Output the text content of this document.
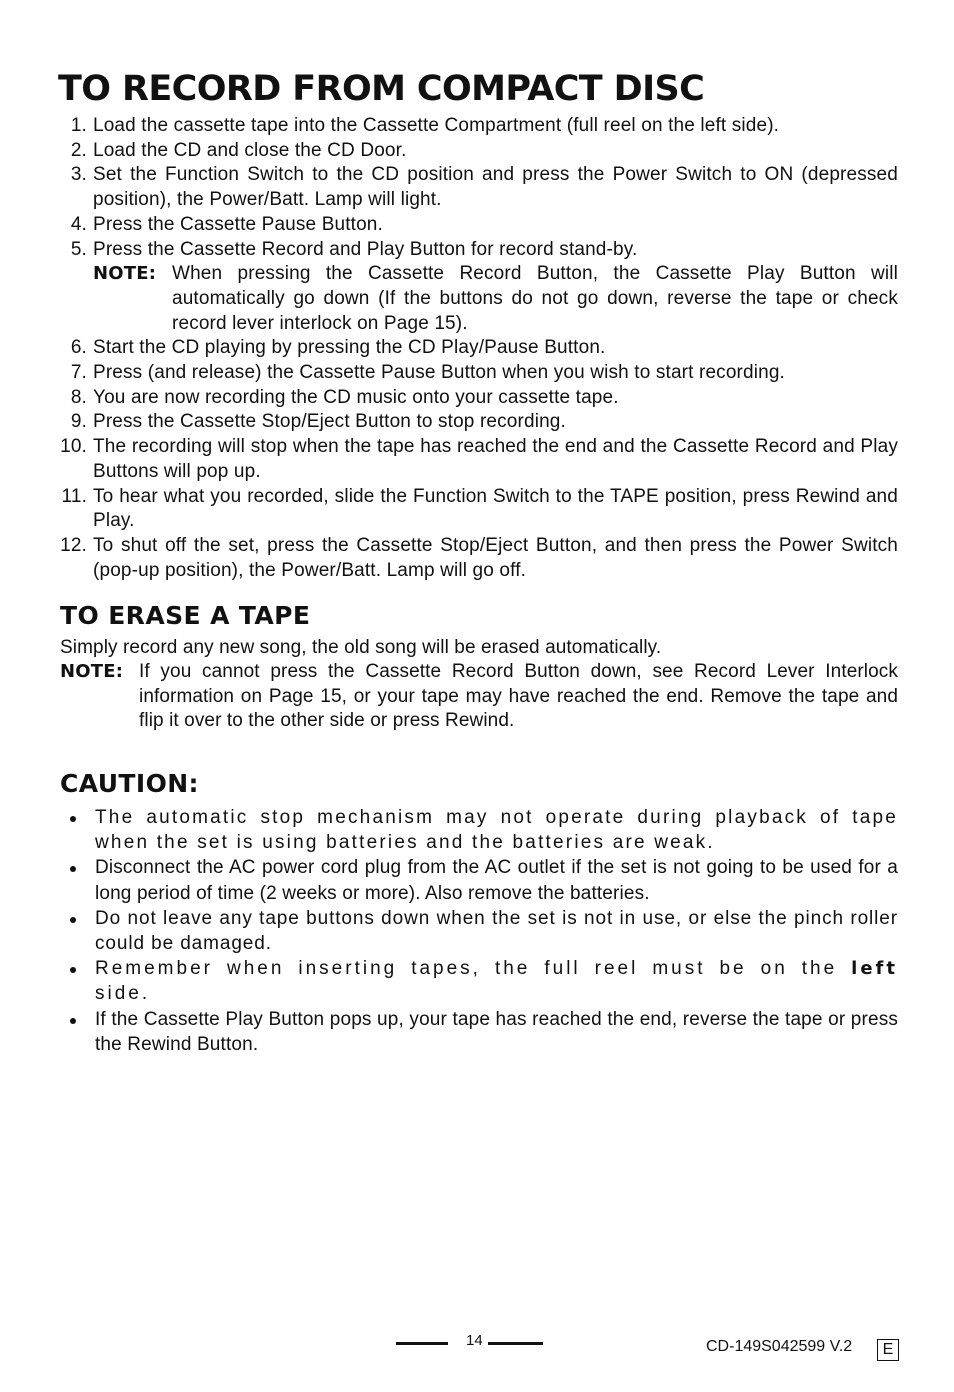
TO RECORD FROM COMPACT DISC
1. Load the cassette tape into the Cassette Compartment (full reel on the left side).
2. Load the CD and close the CD Door.
3. Set the Function Switch to the CD position and press the Power Switch to ON (depressed position), the Power/Batt. Lamp will light.
4. Press the Cassette Pause Button.
5. Press the Cassette Record and Play Button for record stand-by.
NOTE: When pressing the Cassette Record Button, the Cassette Play Button will automatically go down (If the buttons do not go down, reverse the tape or check record lever interlock on Page 15).
6. Start the CD playing by pressing the CD Play/Pause Button.
7. Press (and release) the Cassette Pause Button when you wish to start recording.
8. You are now recording the CD music onto your cassette tape.
9. Press the Cassette Stop/Eject Button to stop recording.
10. The recording will stop when the tape has reached the end and the Cassette Record and Play Buttons will pop up.
11. To hear what you recorded, slide the Function Switch to the TAPE position, press Rewind and Play.
12. To shut off the set, press the Cassette Stop/Eject Button, and then press the Power Switch (pop-up position), the Power/Batt. Lamp will go off.
TO ERASE A TAPE
Simply record any new song, the old song will be erased automatically.
NOTE: If you cannot press the Cassette Record Button down, see Record Lever Interlock information on Page 15, or your tape may have reached the end. Remove the tape and flip it over to the other side or press Rewind.
CAUTION:
The automatic stop mechanism may not operate during playback of tape when the set is using batteries and the batteries are weak.
Disconnect the AC power cord plug from the AC outlet if the set is not going to be used for a long period of time (2 weeks or more). Also remove the batteries.
Do not leave any tape buttons down when the set is not in use, or else the pinch roller could be damaged.
Remember when inserting tapes, the full reel must be on the left side.
If the Cassette Play Button pops up, your tape has reached the end, reverse the tape or press the Rewind Button.
14	CD-149S042599 V.2	E
